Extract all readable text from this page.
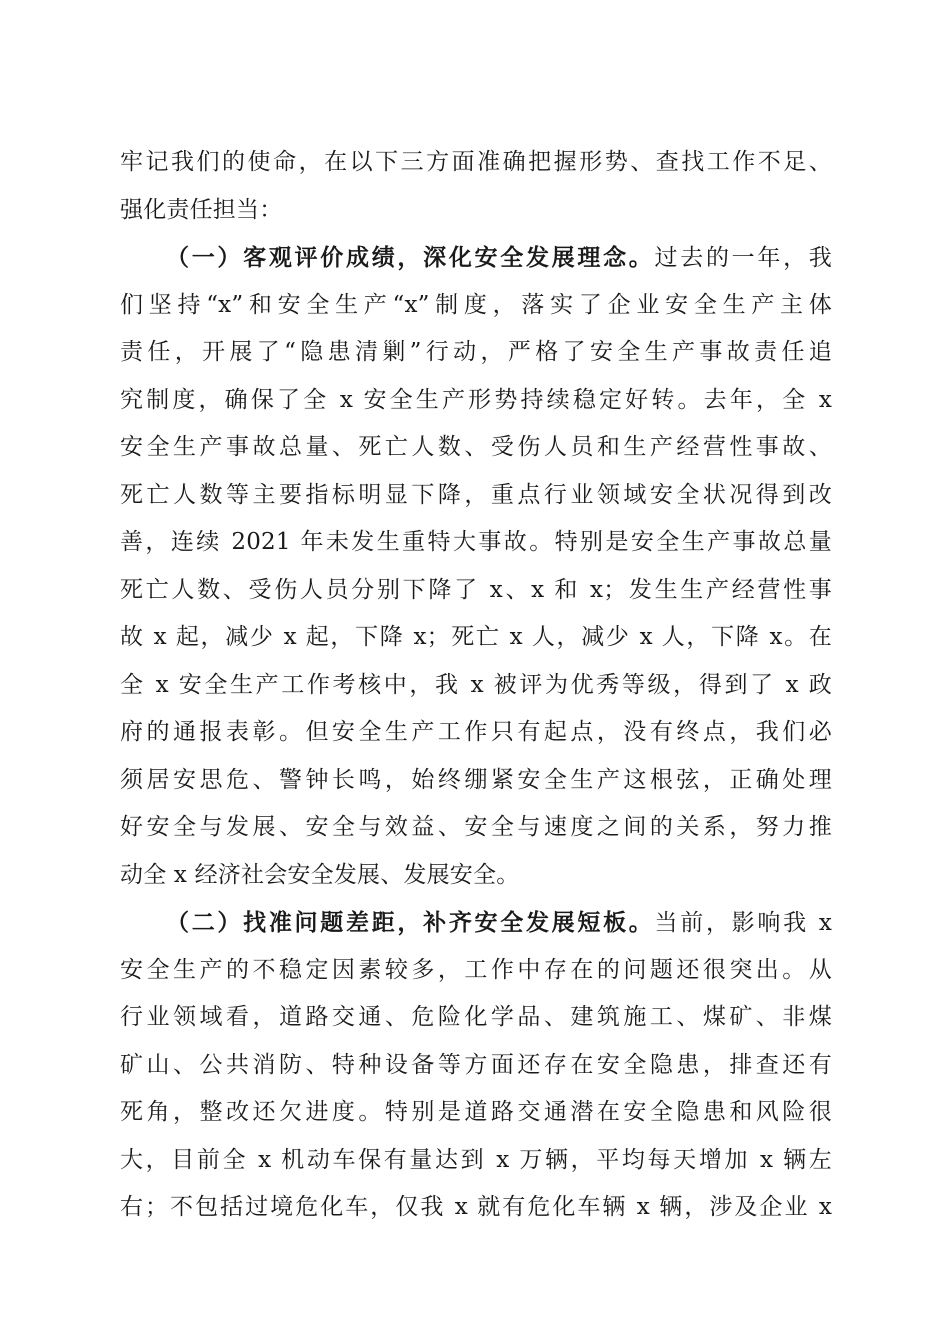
牢记我们的使命，在以下三方面准确把握形势、查找工作不足、
强化责任担当：
（一）客观评价成绩，深化安全发展理念。过去的一年，我
们坚持“x”和安全生产“x”制度，落实了企业安全生产主体
责任，开展了“隐患清剿”行动，严格了安全生产事故责任追
究制度，确保了全 x 安全生产形势持续稳定好转。去年，全 x
安全生产事故总量、死亡人数、受伤人员和生产经营性事故、
死亡人数等主要指标明显下降，重点行业领域安全状况得到改
善，连续 2021 年未发生重特大事故。特别是安全生产事故总量
死亡人数、受伤人员分别下降了 x、x 和 x；发生生产经营性事
故 x 起，减少 x 起，下降 x；死亡 x 人，减少 x 人，下降 x。在
全 x 安全生产工作考核中，我 x 被评为优秀等级，得到了 x 政
府的通报表彰。但安全生产工作只有起点，没有终点，我们必
须居安思危、警钟长鸣，始终绷紧安全生产这根弦，正确处理
好安全与发展、安全与效益、安全与速度之间的关系，努力推
动全 x 经济社会安全发展、发展安全。
（二）找准问题差距，补齐安全发展短板。当前，影响我 x
安全生产的不稳定因素较多，工作中存在的问题还很突出。从
行业领域看，道路交通、危险化学品、建筑施工、煤矿、非煤
矿山、公共消防、特种设备等方面还存在安全隐患，排查还有
死角，整改还欠进度。特别是道路交通潜在安全隐患和风险很
大，目前全 x 机动车保有量达到 x 万辆，平均每天增加 x 辆左
右；不包括过境危化车，仅我 x 就有危化车辆 x 辆，涉及企业 x
